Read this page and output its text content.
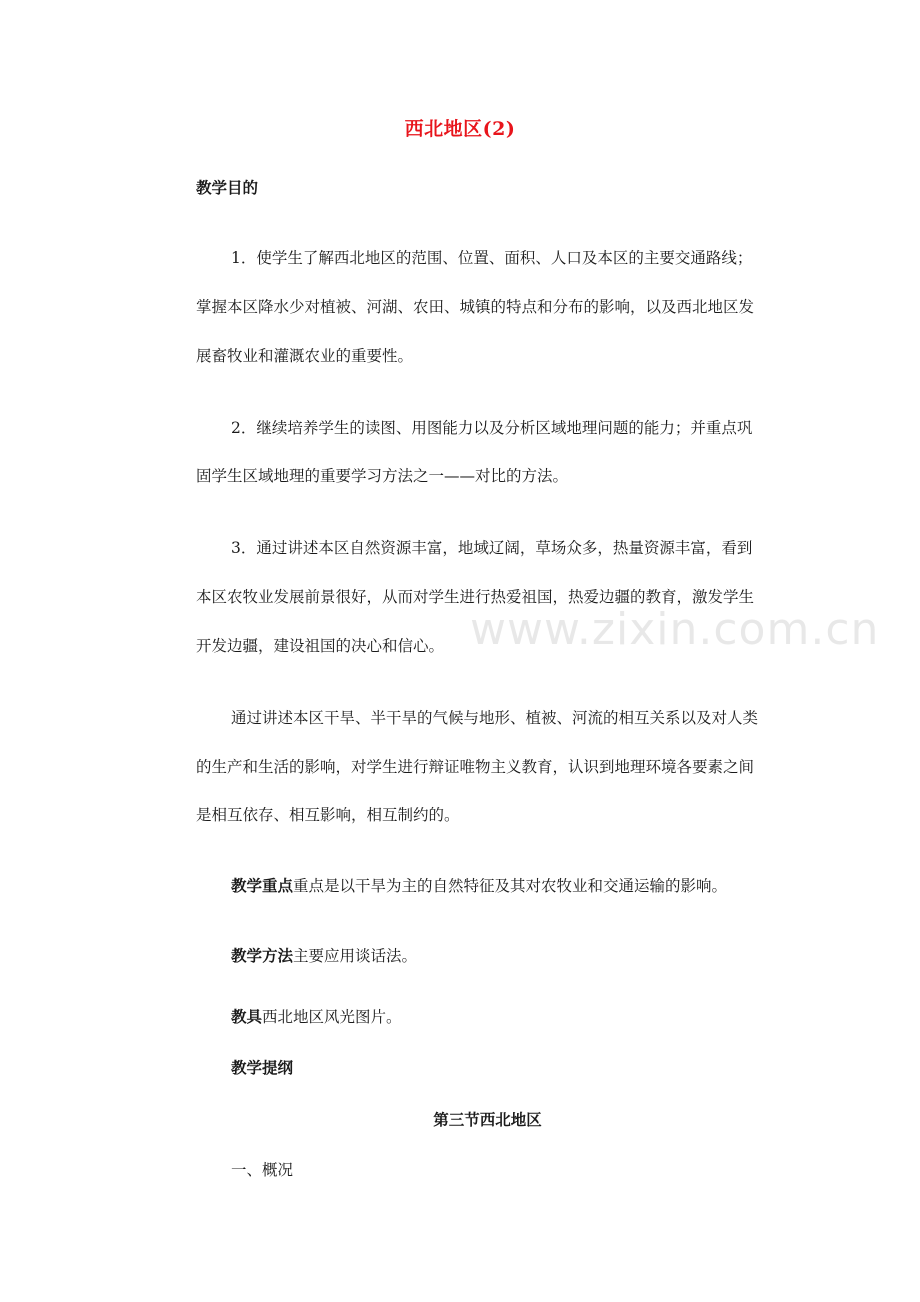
西北地区(2)
教学目的
1．使学生了解西北地区的范围、位置、面积、人口及本区的主要交通路线；
掌握本区降水少对植被、河湖、农田、城镇的特点和分布的影响，以及西北地区发
展畜牧业和灌溉农业的重要性。
2．继续培养学生的读图、用图能力以及分析区域地理问题的能力；并重点巩
固学生区域地理的重要学习方法之一——对比的方法。
3．通过讲述本区自然资源丰富，地域辽阔，草场众多，热量资源丰富，看到
本区农牧业发展前景很好，从而对学生进行热爱祖国，热爱边疆的教育，激发学生
开发边疆，建设祖国的决心和信心。
通过讲述本区干旱、半干旱的气候与地形、植被、河流的相互关系以及对人类
的生产和生活的影响，对学生进行辩证唯物主义教育，认识到地理环境各要素之间
是相互依存、相互影响，相互制约的。
教学重点重点是以干旱为主的自然特征及其对农牧业和交通运输的影响。
教学方法主要应用谈话法。
教具西北地区风光图片。
教学提纲
第三节西北地区
一、概况
www.zixin.com.cn
